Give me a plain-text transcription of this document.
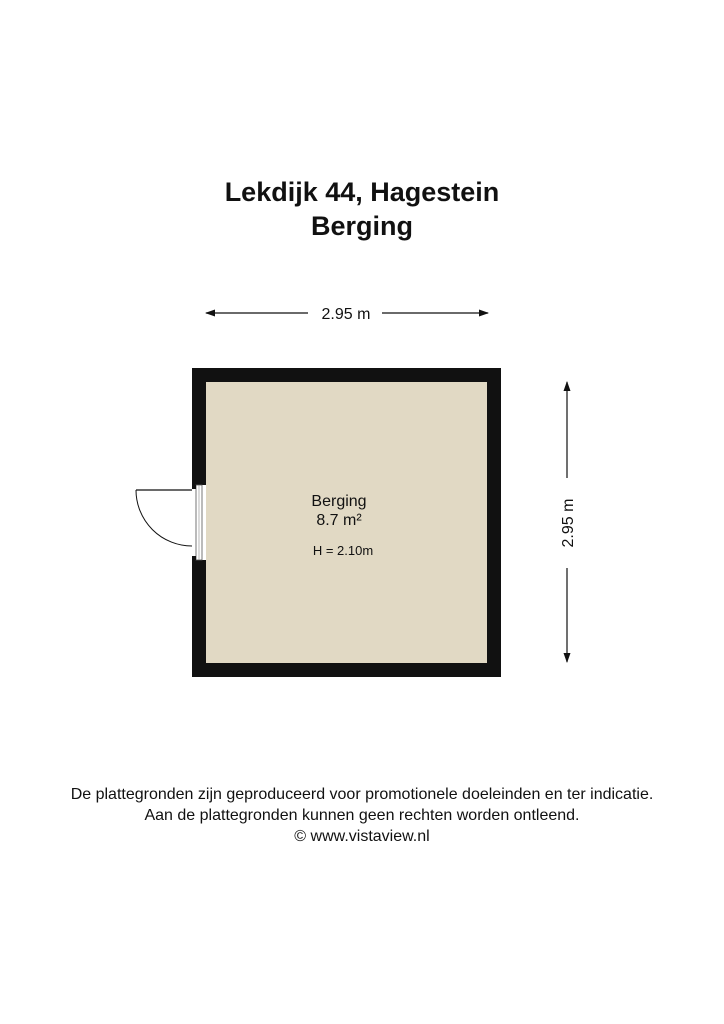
Lekdijk 44, Hagestein
Berging
2.95 m
2.95 m
Berging
8.7 m²
H = 2.10m
De plattegronden zijn geproduceerd voor promotionele doeleinden en ter indicatie.
Aan de plattegronden kunnen geen rechten worden ontleend.
© www.vistaview.nl
